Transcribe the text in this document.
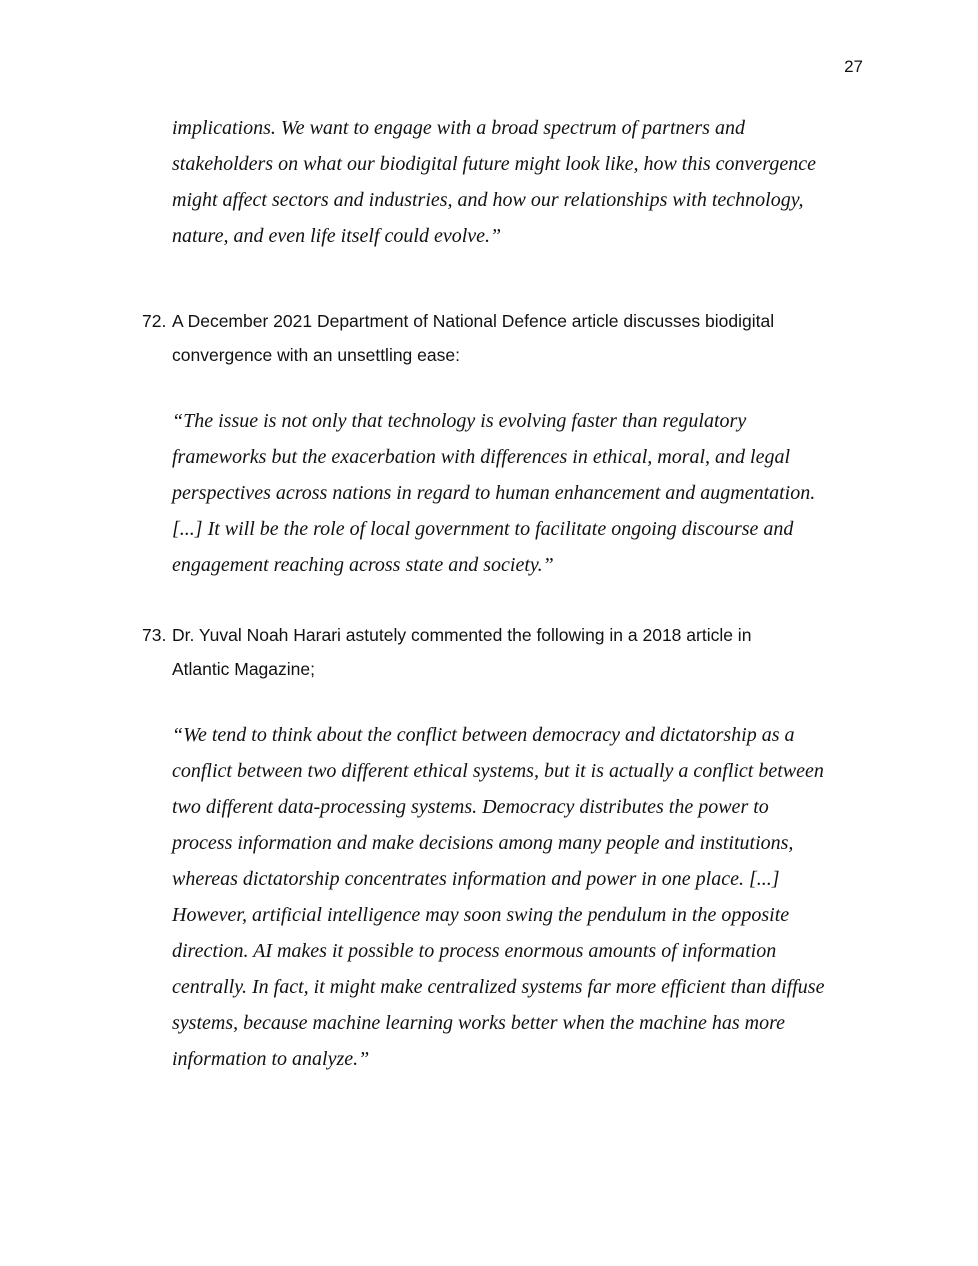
27
implications. We want to engage with a broad spectrum of partners and
stakeholders on what our biodigital future might look like, how this convergence
might affect sectors and industries, and how our relationships with technology,
nature, and even life itself could evolve.”
72. A December 2021 Department of National Defence article discusses biodigital
convergence with an unsettling ease:
“The issue is not only that technology is evolving faster than regulatory
frameworks but the exacerbation with differences in ethical, moral, and legal
perspectives across nations in regard to human enhancement and augmentation.
[...] It will be the role of local government to facilitate ongoing discourse and
engagement reaching across state and society.”
73. Dr. Yuval Noah Harari astutely commented the following in a 2018 article in
Atlantic Magazine;
“We tend to think about the conflict between democracy and dictatorship as a
conflict between two different ethical systems, but it is actually a conflict between
two different data-processing systems. Democracy distributes the power to
process information and make decisions among many people and institutions,
whereas dictatorship concentrates information and power in one place. [...]
However, artificial intelligence may soon swing the pendulum in the opposite
direction. AI makes it possible to process enormous amounts of information
centrally. In fact, it might make centralized systems far more efficient than diffuse
systems, because machine learning works better when the machine has more
information to analyze.”
